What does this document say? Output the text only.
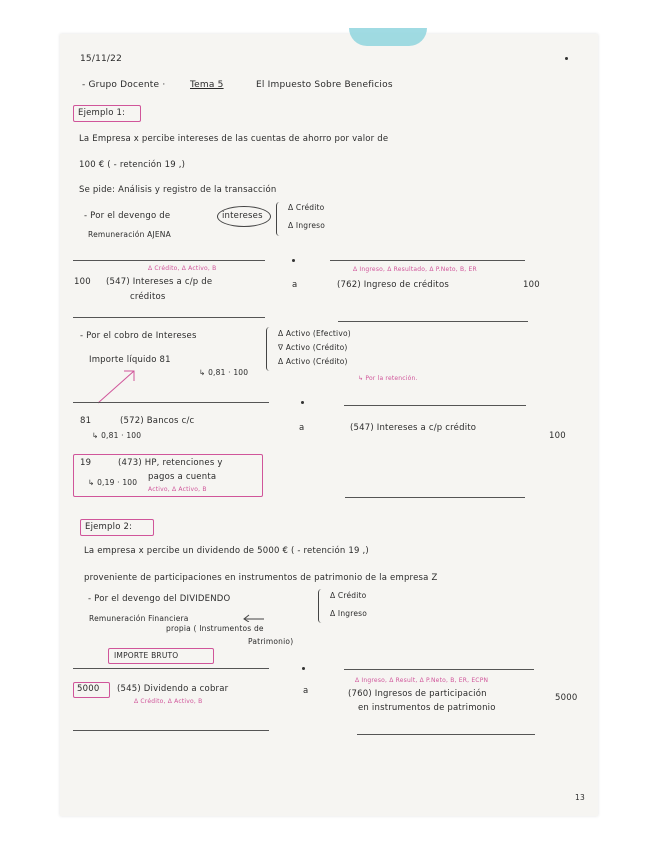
15/11/22
- Grupo Docente ·	Tema 5	El Impuesto Sobre Beneficios
Ejemplo 1:
La Empresa x percibe intereses de las cuentas de ahorro por valor de
100 € ( - retención 19 ,)
Se pide: Análisis y registro de la transacción
- Por el devengo de	intereses
Remuneración AJENA
Δ Crédito
Δ Ingreso
Δ Crédito, Δ Activo, B	Δ Ingreso, Δ Resultado, Δ P.Neto, B, ER
100 (547) Intereses a c/p de
créditos
a	(762) Ingreso de créditos	100
- Por el cobro de Intereses	Δ Activo (Efectivo)
∇ Activo (Crédito)
Δ Activo (Crédito)
Importe líquido 81
↳ 0,81 · 100
↳ Por la retención.
81	(572) Bancos c/c
↳ 0,81 · 100
a	(547) Intereses a c/p crédito
100
19	(473) HP, retenciones y
pagos a cuenta
↳ 0,19 · 100
Activo, Δ Activo, B
Ejemplo 2:
La empresa x percibe un dividendo de 5000 € ( - retención 19 ,)
proveniente de participaciones en instrumentos de patrimonio de la empresa Z
- Por el devengo del DIVIDENDO	Δ Crédito
Δ Ingreso
Remuneración Financiera
propia ( Instrumentos de
Patrimonio)
IMPORTE BRUTO
Δ Ingreso, Δ Result, Δ P.Neto, B, ER, ECPN
5000 (545) Dividendo a cobrar
Δ Crédito, Δ Activo, B
a	(760) Ingresos de participación	5000
en instrumentos de patrimonio
13
